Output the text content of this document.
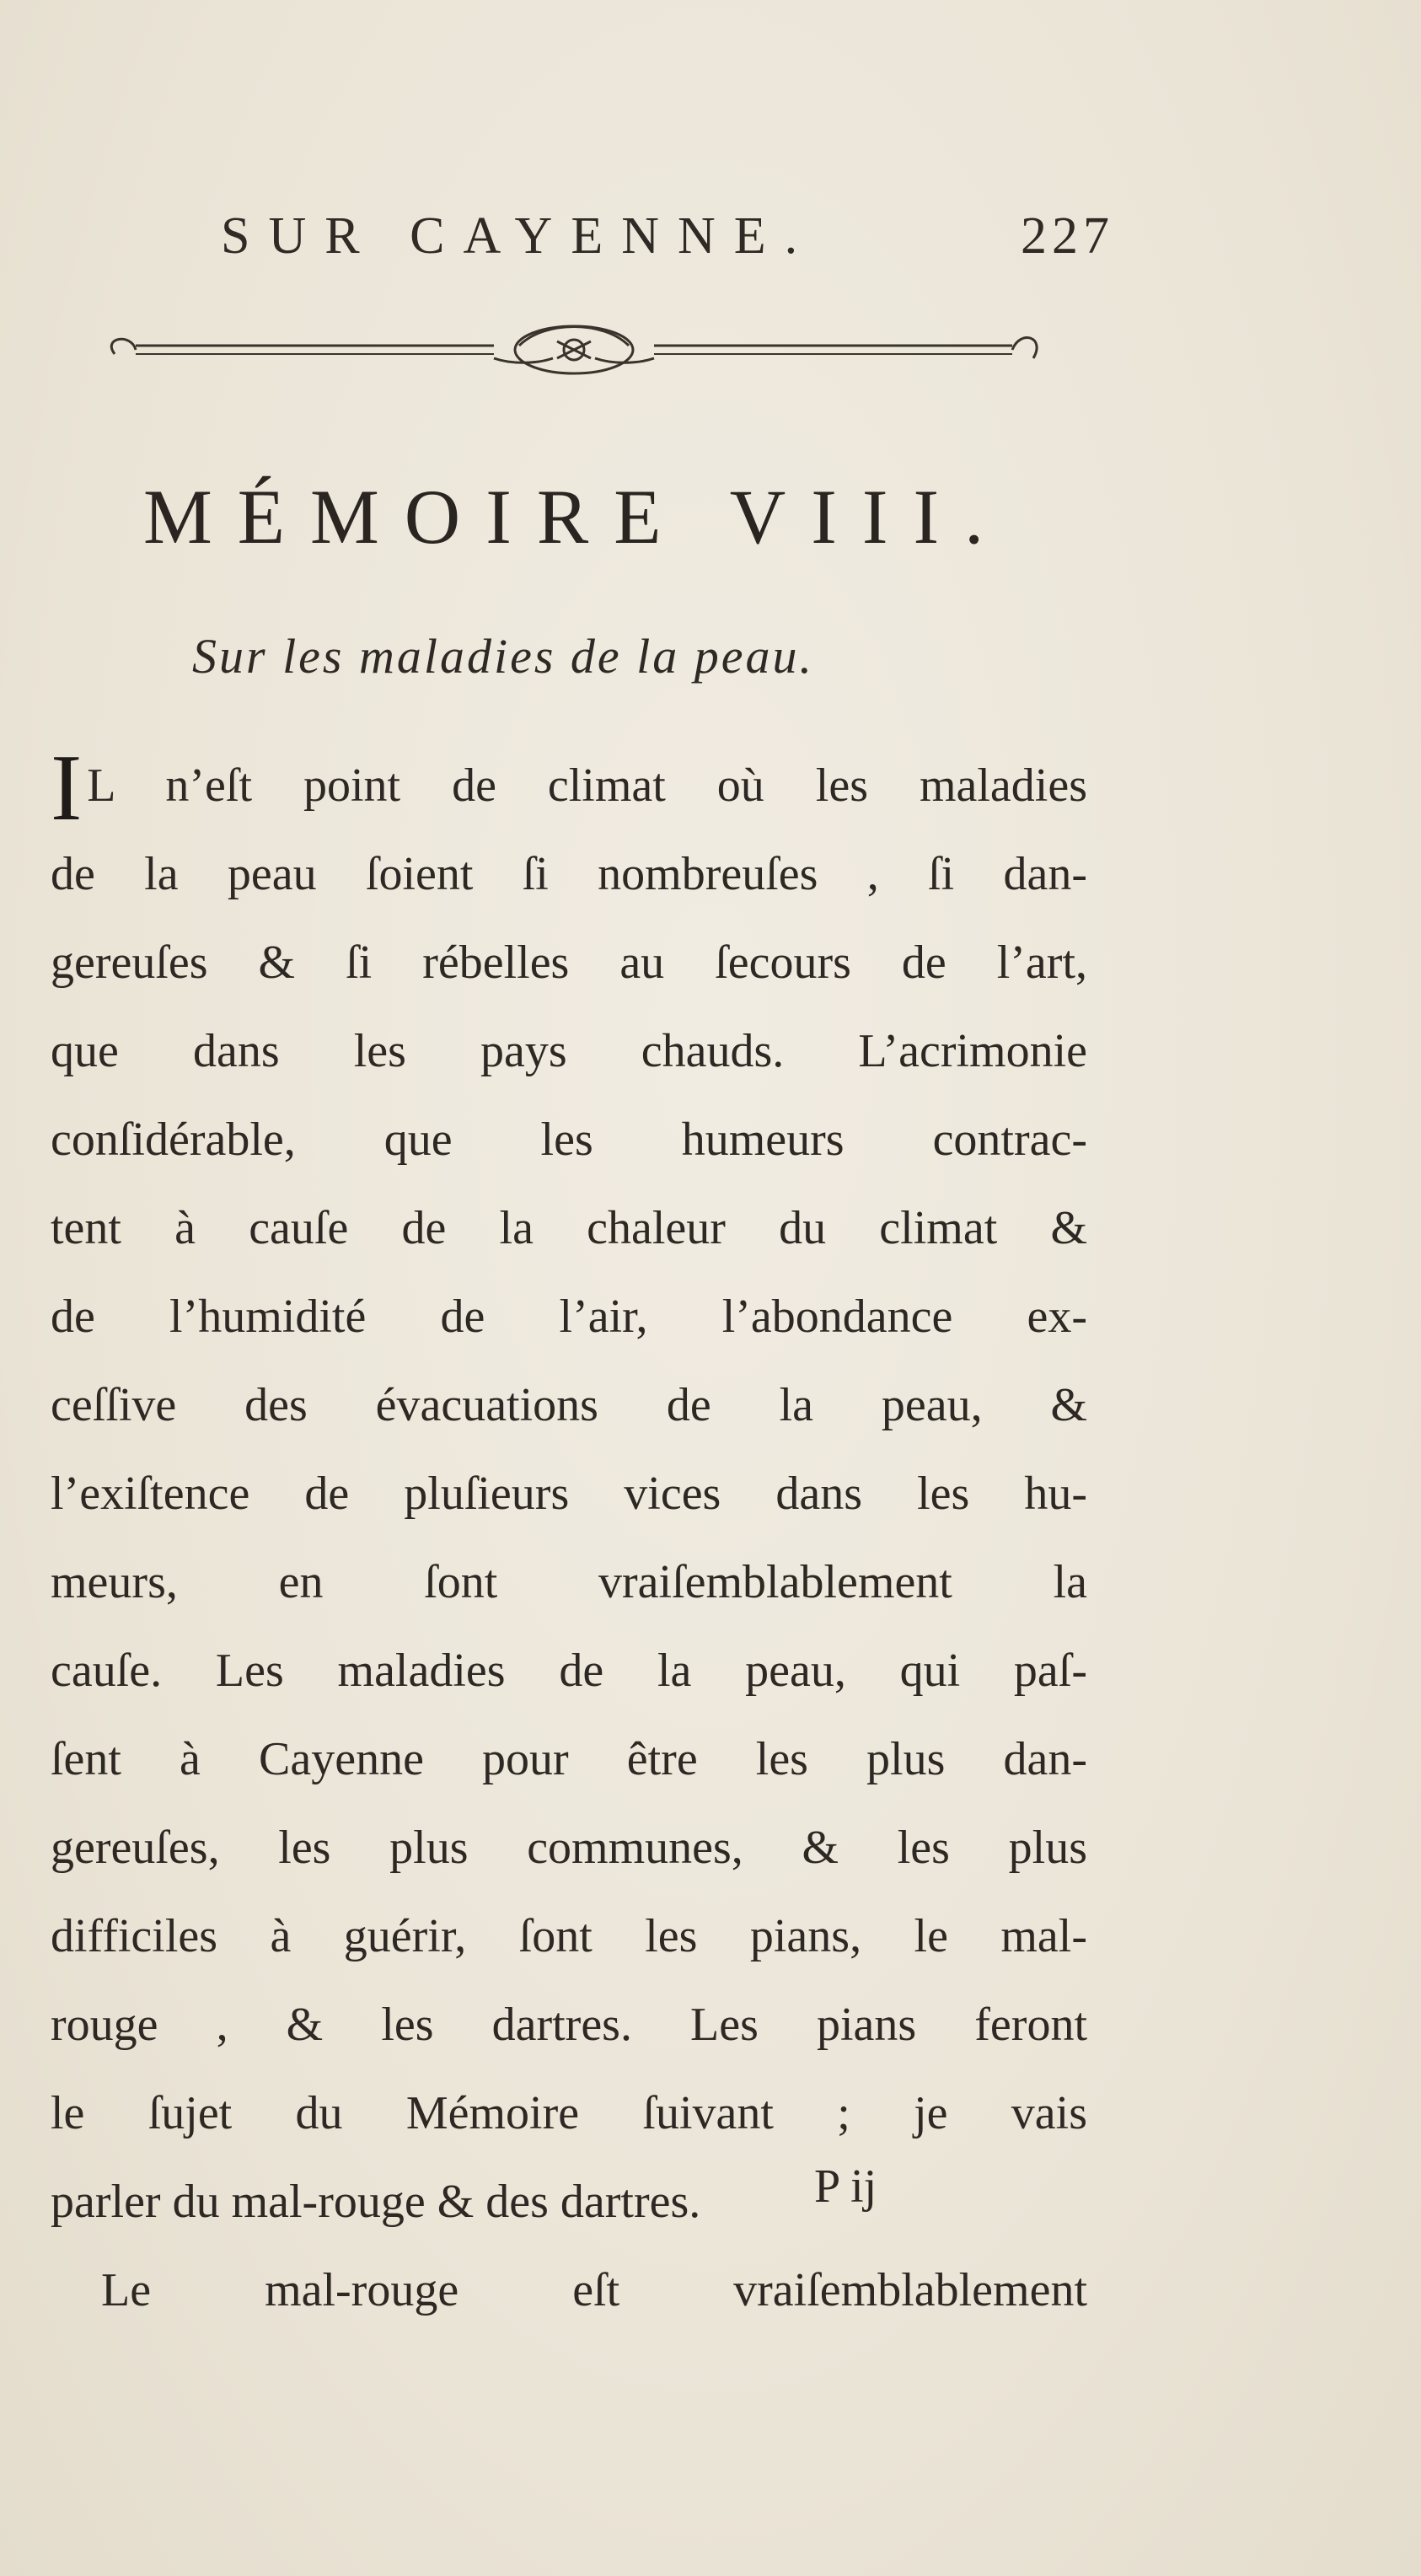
SUR CAYENNE.	227
MÉMOIRE VIII.
Sur les maladies de la peau.
I L n’eſt point de climat où les maladies
de la peau ſoient ſi nombreuſes , ſi dan-
gereuſes & ſi rébelles au ſecours de l’art,
que dans les pays chauds. L’acrimonie
conſidérable, que les humeurs contrac-
tent à cauſe de la chaleur du climat &
de l’humidité de l’air, l’abondance ex-
ceſſive des évacuations de la peau, &
l’exiſtence de pluſieurs vices dans les hu-
meurs, en ſont vraiſemblablement la
cauſe. Les maladies de la peau, qui paſ-
ſent à Cayenne pour être les plus dan-
gereuſes, les plus communes, & les plus
difficiles à guérir, ſont les pians, le mal-
rouge , & les dartres. Les pians feront
le ſujet du Mémoire ſuivant ; je vais
parler du mal-rouge & des dartres.
Le mal-rouge eſt vraiſemblablement
P ij
